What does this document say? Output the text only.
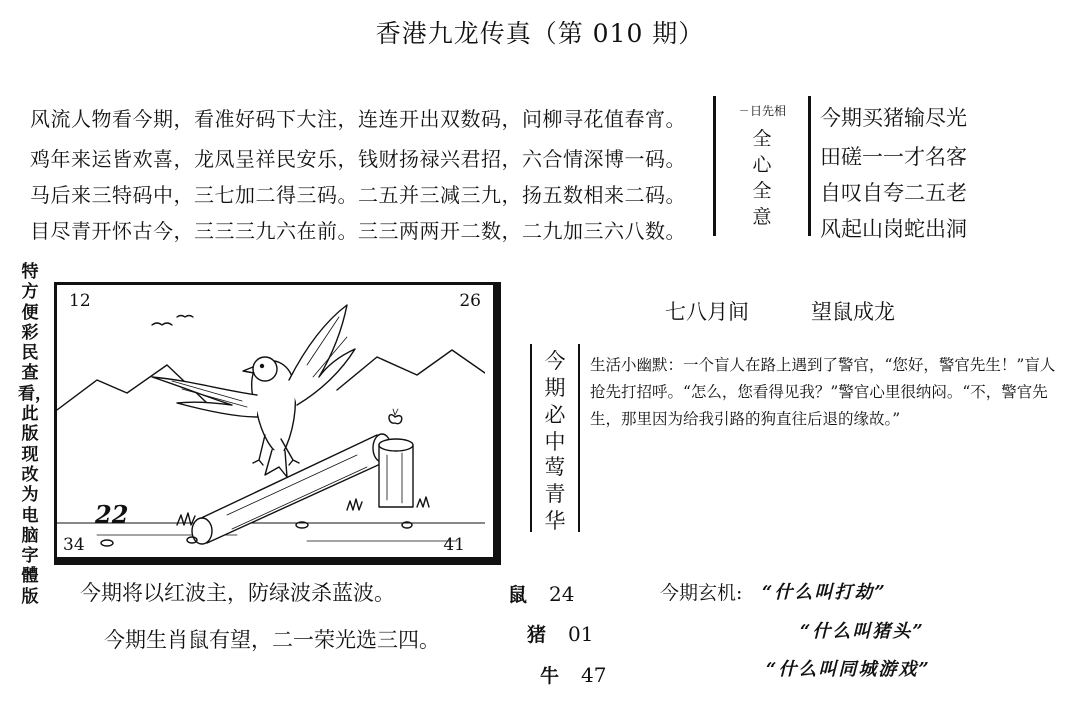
香港九龙传真（第 010 期）
风流人物看今期，看准好码下大注，连连开出双数码，问柳寻花值春宵。
鸡年来运皆欢喜，龙凤呈祥民安乐，钱财扬禄兴君招，六合情深博一码。
马后来三特码中，三七加二得三码。二五并三减三九，扬五数相来二码。
目尽青开怀古今，三三三九六在前。三三两两开二数，二九加三六八数。
ㄧ日先相
全
心
全
意
今期买猪输尽光
田磋一一才名客
自叹自夸二五老
风起山岗蛇出洞
特方便彩民查看，此版现改为电脑字體版
12	26
34	41
22
七八月间	望鼠成龙
今
期
必
中
莺
青
华
生活小幽默：一个盲人在路上遇到了警官，“您好，警官先生！”盲人抢先打招呼。“怎么，您看得见我？”警官心里很纳闷。“不，警官先生，那里因为给我引路的狗直往后退的缘故。”
今期将以红波主，防绿波杀蓝波。
今期生肖鼠有望，二一荣光选三四。
鼠 24
猪 01
牛 47
今期玄机: “什么叫打劫”
“什么叫猪头”
“什么叫同城游戏”
